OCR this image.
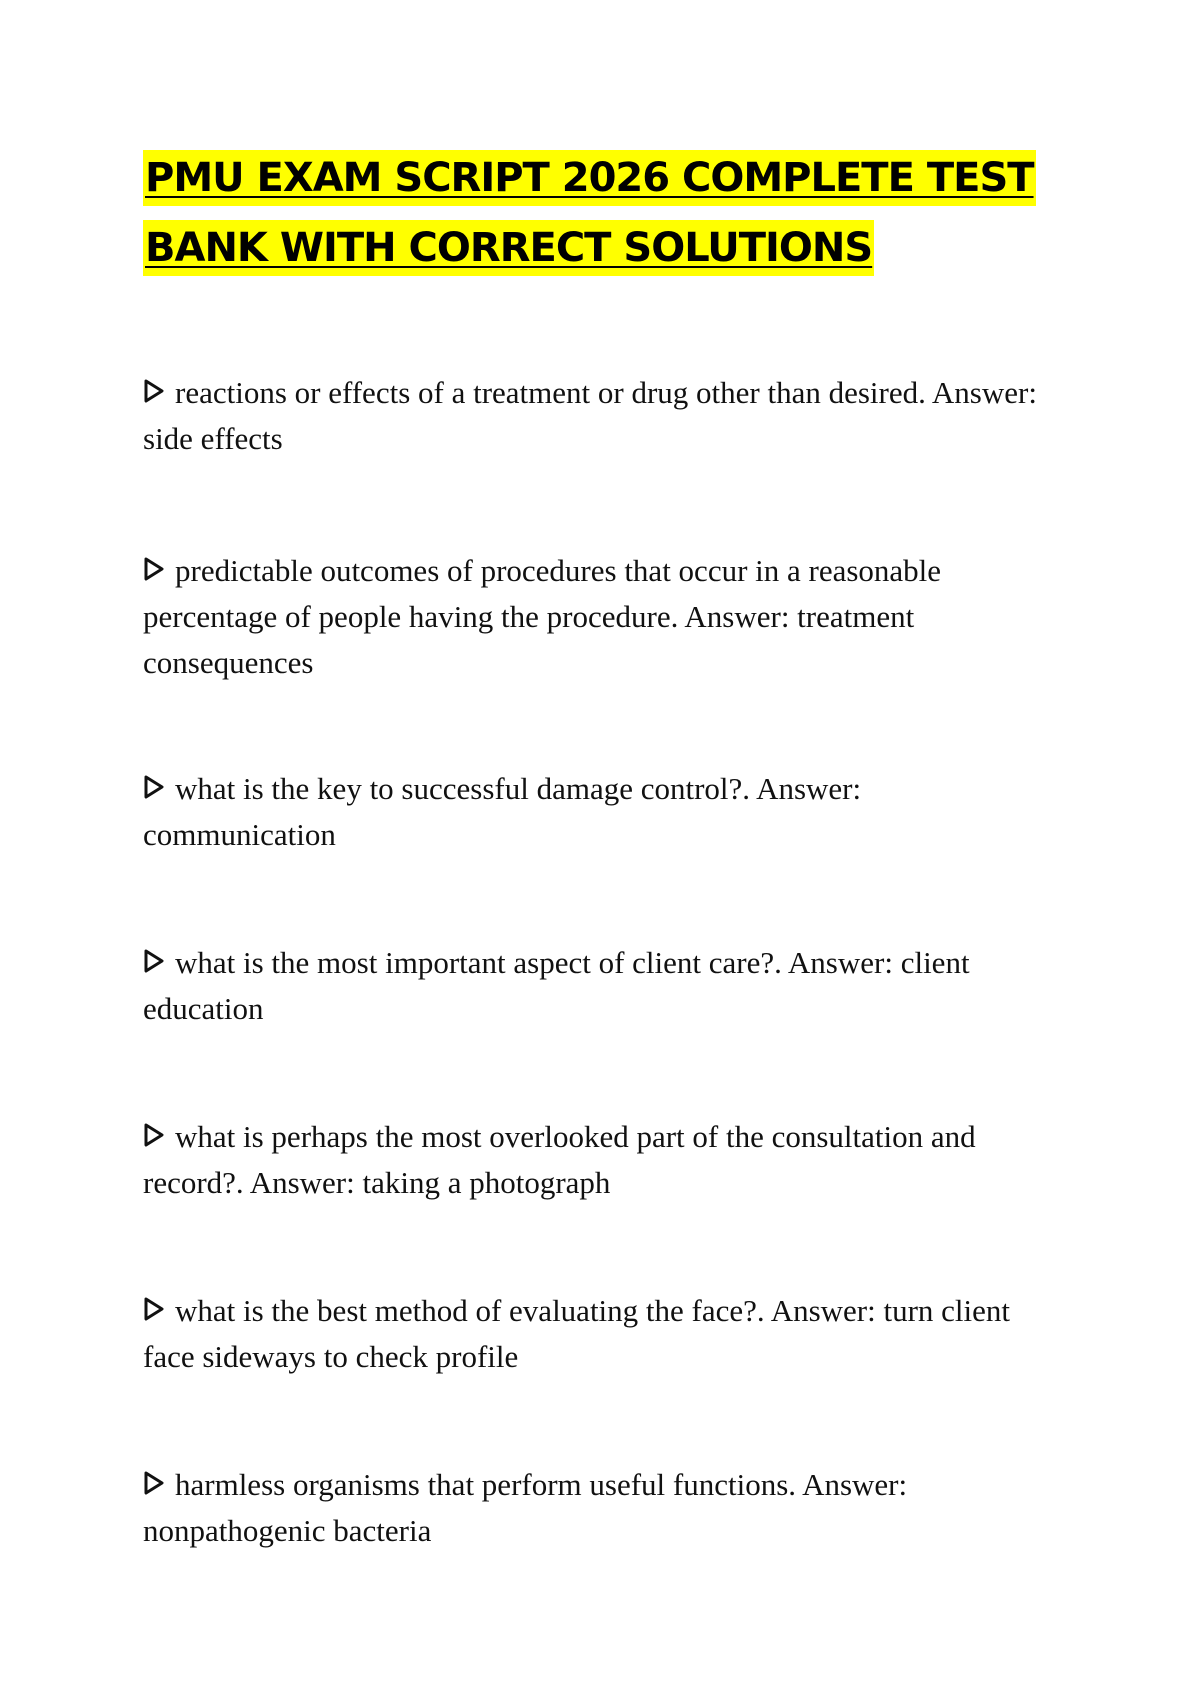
PMU EXAM SCRIPT 2026 COMPLETE TEST
BANK WITH CORRECT SOLUTIONS
reactions or effects of a treatment or drug other than desired. Answer: side effects
predictable outcomes of procedures that occur in a reasonable percentage of people having the procedure. Answer: treatment consequences
what is the key to successful damage control?. Answer: communication
what is the most important aspect of client care?. Answer: client education
what is perhaps the most overlooked part of the consultation and record?. Answer: taking a photograph
what is the best method of evaluating the face?. Answer: turn client face sideways to check profile
harmless organisms that perform useful functions. Answer: nonpathogenic bacteria
